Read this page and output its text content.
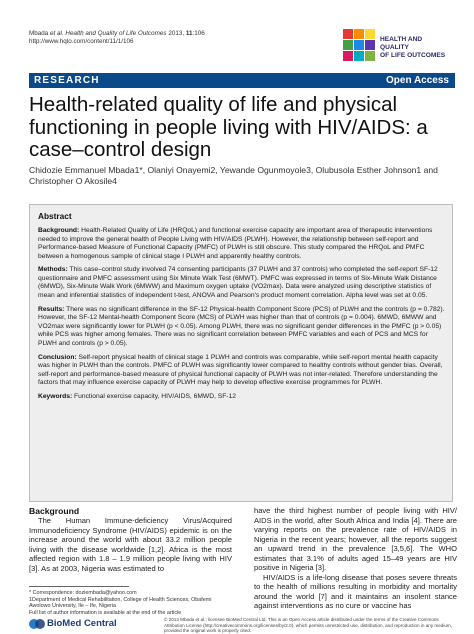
Mbada et al. Health and Quality of Life Outcomes 2013, 11:106
http://www.hqlo.com/content/11/1/106	HEALTH AND QUALITY
OF LIFE OUTCOMES
RESEARCH	Open Access
Health-related quality of life and physical functioning in people living with HIV/AIDS: a case–control design
Chidozie Emmanuel Mbada1*, Olaniyi Onayemi2, Yewande Ogunmoyole3, Olubusola Esther Johnson1 and Christopher O Akosile4
Abstract

Background: Health-Related Quality of Life (HRQoL) and functional exercise capacity are important area of therapeutic interventions needed to improve the general health of People Living with HIV/AIDS (PLWH). However, the relationship between self-report and Performance-based Measure of Functional Capacity (PMFC) of PLWH is still obscure. This study compared the HRQoL and PMFC between a homogenous sample of clinical stage I PLWH and apparently healthy controls.

Methods: This case–control study involved 74 consenting participants (37 PLWH and 37 controls) who completed the self-report SF-12 questionnaire and PMFC assessment using Six Minute Walk Test (6MWT). PMFC was expressed in terms of Six-Minute Walk Distance (6MWD), Six-Minute Walk Work (6MWW) and Maximum oxygen uptake (VO2max). Data were analyzed using descriptive statistics of mean and inferential statistics of independent t-test, ANOVA and Pearson's product moment correlation. Alpha level was set at 0.05.

Results: There was no significant difference in the SF-12 Physical-health Component Score (PCS) of PLWH and the controls (p = 0.782). However, the SF-12 Mental-health Component Score (MCS) of PLWH was higher than that of controls (p = 0.004). 6MWD, 6MWW and VO2max were significantly lower for PLWH (p < 0.05). Among PLWH, there was no significant gender differences in the PMFC (p > 0.05) while PCS was higher among females. There was no significant correlation between PMFC variables and each of PCS and MCS for PLWH and controls (p > 0.05).

Conclusion: Self-report physical health of clinical stage 1 PLWH and controls was comparable, while self-report mental health capacity was higher in PLWH than the controls. PMFC of PLWH was significantly lower compared to healthy controls without gender bias. Overall, self-report and performance-based measure of physical functional capacity of PLWH was not inter-related. Therefore understanding the factors that may influence exercise capacity of PLWH may help to develop effective exercise programmes for PLWH.

Keywords: Functional exercise capacity, HIV/AIDS, 6MWD, SF-12

Background

The Human Immune-deficiency Virus/Acquired Immunodeficiency Syndrome (HIV/AIDS) epidemic is on the increase around the world with about 33.2 million people living with the disease worldwide [1,2]. Africa is the most affected region with 1.8 – 1.9 million people living with HIV [3]. As at 2003, Nigeria was estimated to

have the third highest number of people living with HIV/ AIDS in the world, after South Africa and India [4]. There are varying reports on the prevalence rate of HIV/AIDS in Nigeria in the recent years; however, all the reports suggest an upward trend in the prevalence [3,5,6]. The WHO estimates that 3.1% of adults aged 15–49 years are HIV positive in Nigeria [3].

HIV/AIDS is a life-long disease that poses severe threats to the health of millions resulting in morbidity and mortality around the world [7] and it maintains an insolent stance against interventions as no cure or vaccine has

* Correspondence: doziembada@yahoo.com
1Department of Medical Rehabilitation, College of Health Sciences, Obafemi Awolowo University, Ile – Ife, Nigeria
Full list of author information is available at the end of the article
BioMed Central	© 2013 Mbada et al.; licensee BioMed Central Ltd. This is an Open Access article distributed under the terms of the Creative Commons Attribution License (http://creativecommons.org/licenses/by/2.0), which permits unrestricted use, distribution, and reproduction in any medium, provided the original work is properly cited.
